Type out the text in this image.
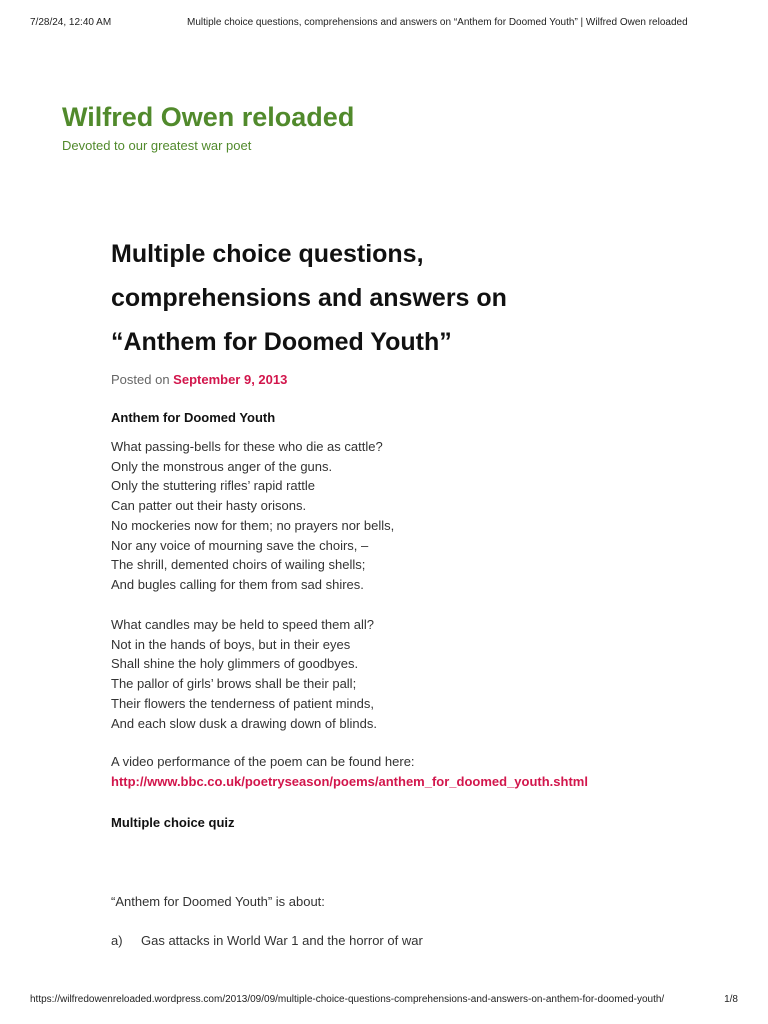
7/28/24, 12:40 AM	Multiple choice questions, comprehensions and answers on “Anthem for Doomed Youth” | Wilfred Owen reloaded
Wilfred Owen reloaded
Devoted to our greatest war poet
Multiple choice questions,
comprehensions and answers on
“Anthem for Doomed Youth”
Posted on September 9, 2013
Anthem for Doomed Youth
What passing-bells for these who die as cattle?
Only the monstrous anger of the guns.
Only the stuttering rifles’ rapid rattle
Can patter out their hasty orisons.
No mockeries now for them; no prayers nor bells,
Nor any voice of mourning save the choirs, –
The shrill, demented choirs of wailing shells;
And bugles calling for them from sad shires.
What candles may be held to speed them all?
Not in the hands of boys, but in their eyes
Shall shine the holy glimmers of goodbyes.
The pallor of girls’ brows shall be their pall;
Their flowers the tenderness of patient minds,
And each slow dusk a drawing down of blinds.
A video performance of the poem can be found here:
http://www.bbc.co.uk/poetryseason/poems/anthem_for_doomed_youth.shtml
Multiple choice quiz
“Anthem for Doomed Youth” is about:
a) Gas attacks in World War 1 and the horror of war
https://wilfredowenreloaded.wordpress.com/2013/09/09/multiple-choice-questions-comprehensions-and-answers-on-anthem-for-doomed-youth/	1/8
